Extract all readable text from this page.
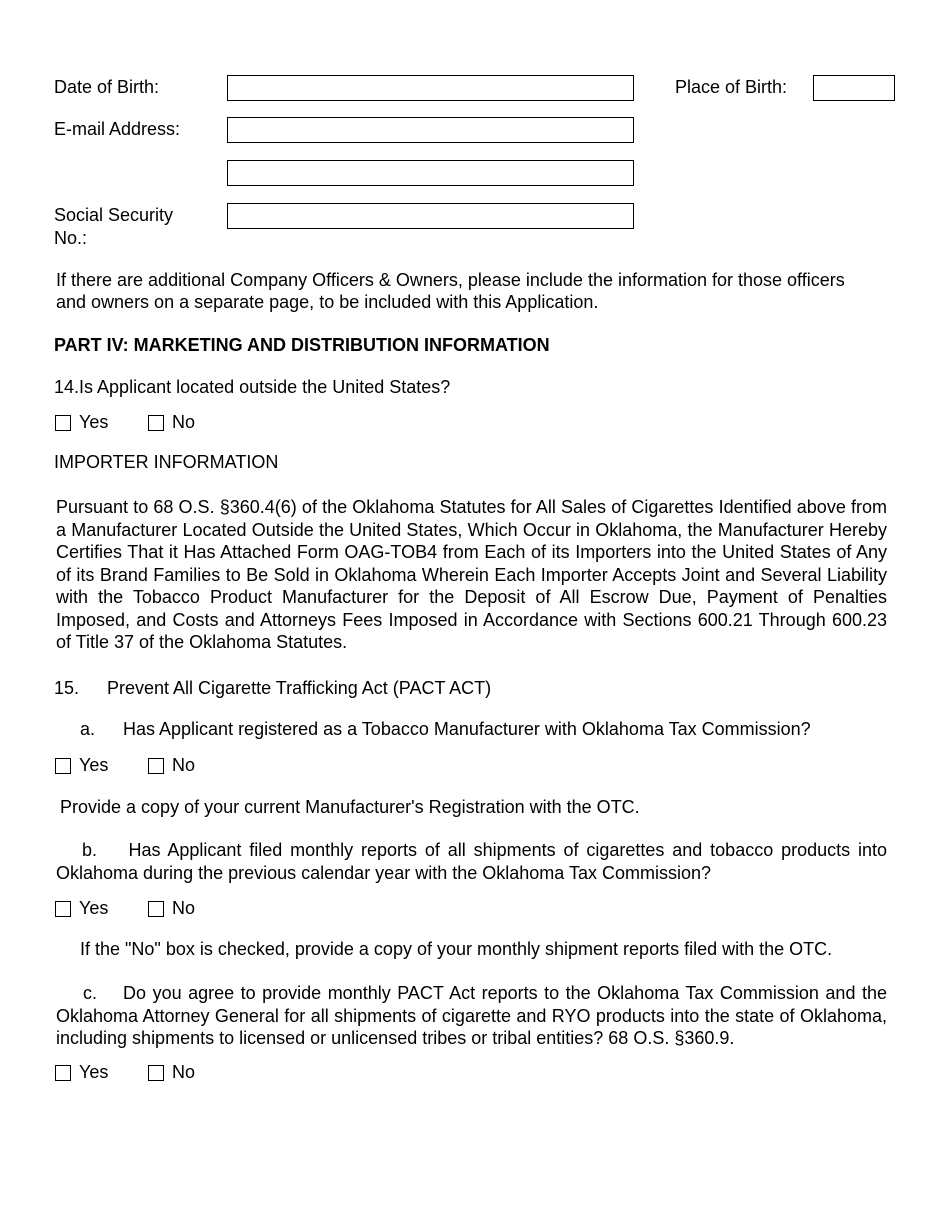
Date of Birth:	Place of Birth:
E-mail Address:
Social Security
No.:
If there are additional Company Officers & Owners, please include the information for those officers
and owners on a separate page, to be included with this Application.
PART IV: MARKETING AND DISTRIBUTION INFORMATION
14.Is Applicant located outside the United States?
Yes	No
IMPORTER INFORMATION
Pursuant to 68 O.S. §360.4(6) of the Oklahoma Statutes for All Sales of Cigarettes Identified above from a Manufacturer Located Outside the United States, Which Occur in Oklahoma, the Manufacturer Hereby Certifies That it Has Attached Form OAG-TOB4 from Each of its Importers into the United States of Any of its Brand Families to Be Sold in Oklahoma Wherein Each Importer Accepts Joint and Several Liability with the Tobacco Product Manufacturer for the Deposit of All Escrow Due, Payment of Penalties Imposed, and Costs and Attorneys Fees Imposed in Accordance with Sections 600.21 Through 600.23 of Title 37 of the Oklahoma Statutes.
15. Prevent All Cigarette Trafficking Act (PACT ACT)
a. Has Applicant registered as a Tobacco Manufacturer with Oklahoma Tax Commission?
Yes	No
Provide a copy of your current Manufacturer's Registration with the OTC.
b. Has Applicant filed monthly reports of all shipments of cigarettes and tobacco products into Oklahoma during the previous calendar year with the Oklahoma Tax Commission?
Yes	No
If the "No" box is checked, provide a copy of your monthly shipment reports filed with the OTC.
c. Do you agree to provide monthly PACT Act reports to the Oklahoma Tax Commission and the Oklahoma Attorney General for all shipments of cigarette and RYO products into the state of Oklahoma, including shipments to licensed or unlicensed tribes or tribal entities? 68 O.S. §360.9.
Yes	No
